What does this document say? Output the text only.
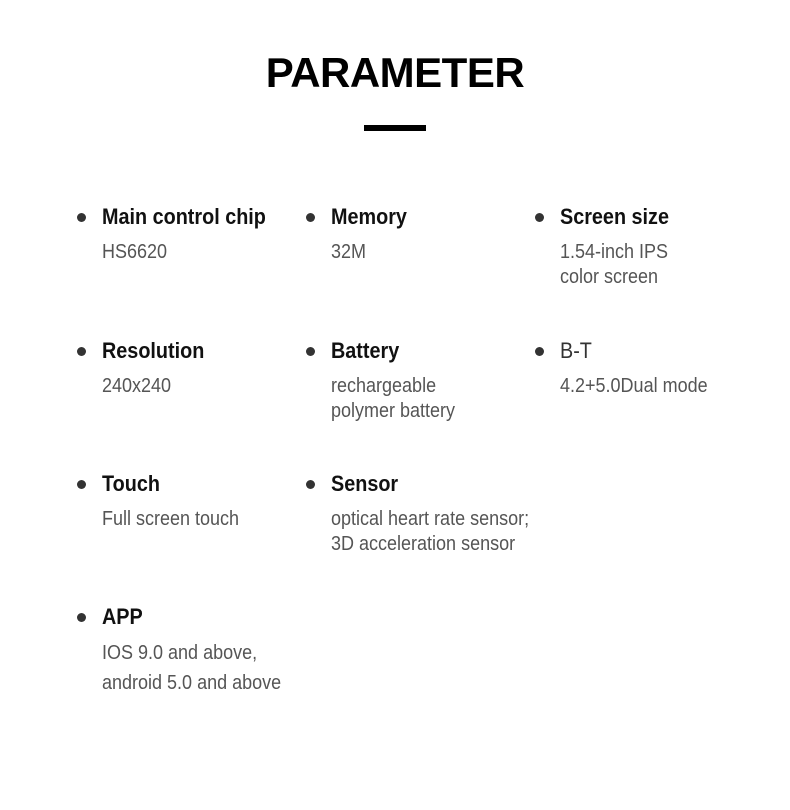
PARAMETER
Main control chip
HS6620
Memory
32M
Screen size
1.54-inch IPS
color screen
Resolution
240x240
Battery
rechargeable
polymer battery
B-T
4.2+5.0Dual mode
Touch
Full screen touch
Sensor
optical heart rate sensor;
3D acceleration sensor
APP
IOS 9.0 and above,
android 5.0 and above
